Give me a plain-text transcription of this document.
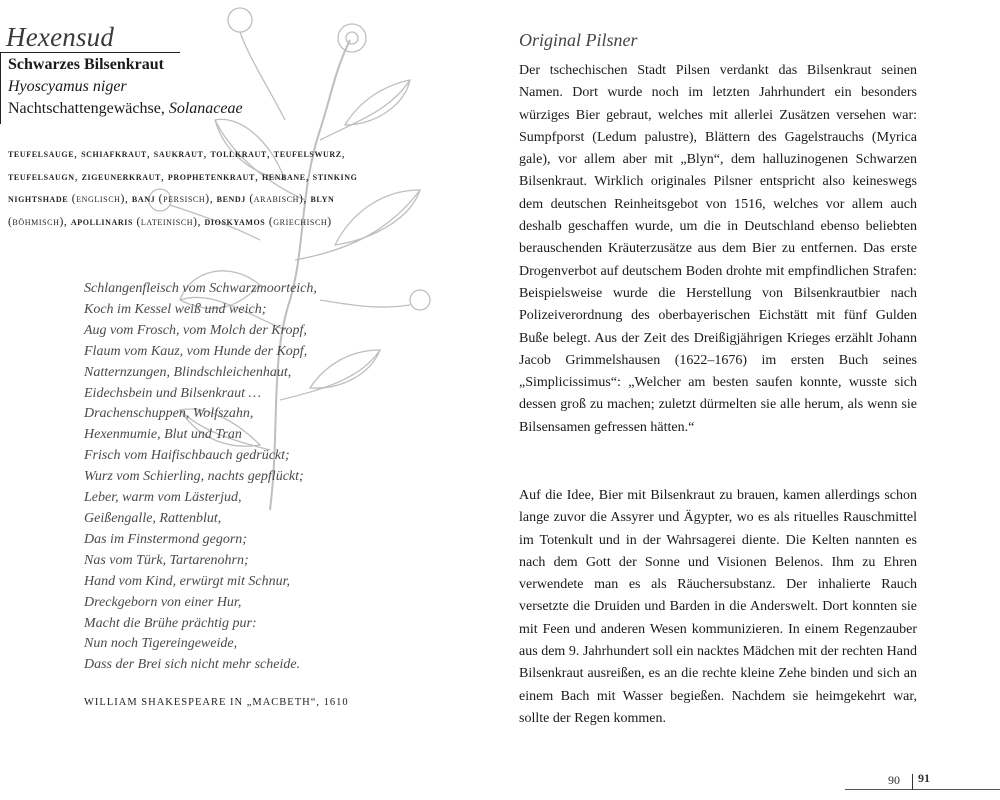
Hexensud
Schwarzes Bilsenkraut
Hyoscyamus niger
Nachtschattengewächse, Solanaceae
teufelsauge, schiafkraut, saukraut, tollkraut, teufelswurz, teufelsaugn, zigeunerkraut, prophetenkraut, henbane, stinking nightshade (englisch), banj (persisch), bendj (arabisch), blyn (böhmisch), apollinaris (lateinisch), dioskyamos (griechisch)
Schlangenfleisch vom Schwarzmoorteich,
Koch im Kessel weiß und weich;
Aug vom Frosch, vom Molch der Kropf,
Flaum vom Kauz, vom Hunde der Kopf,
Natternzungen, Blindschleichenhaut,
Eidechsbein und Bilsenkraut …
Drachenschuppen, Wolfszahn,
Hexenmumie, Blut und Tran
Frisch vom Haifischbauch gedrückt;
Wurz vom Schierling, nachts gepflückt;
Leber, warm vom Lästerjud,
Geißengalle, Rattenblut,
Das im Finstermond gegorn;
Nas vom Türk, Tartarenohrn;
Hand vom Kind, erwürgt mit Schnur,
Dreckgeborn von einer Hur,
Macht die Brühe prächtig pur:
Nun noch Tigereingeweide,
Dass der Brei sich nicht mehr scheide.
WILLIAM SHAKESPEARE IN „MACBETH“, 1610
Original Pilsner
Der tschechischen Stadt Pilsen verdankt das Bilsenkraut seinen Namen. Dort wurde noch im letzten Jahrhundert ein besonders würziges Bier gebraut, welches mit allerlei Zusätzen versehen war: Sumpfporst (Ledum palustre), Blättern des Gagelstrauchs (Myrica gale), vor allem aber mit „Blyn“, dem halluzinogenen Schwarzen Bilsenkraut. Wirklich originales Pilsner entspricht also keineswegs dem deutschen Reinheitsgebot von 1516, welches vor allem auch deshalb geschaffen wurde, um die in Deutschland ebenso beliebten berauschenden Kräuterzusätze aus dem Bier zu entfernen. Das erste Drogenverbot auf deutschem Boden drohte mit empfindlichen Strafen: Beispielsweise wurde die Herstellung von Bilsenkrautbier nach Polizeiverordnung des oberbayerischen Eichstätt mit fünf Gulden Buße belegt. Aus der Zeit des Dreißigjährigen Krieges erzählt Johann Jacob Grimmelshausen (1622–1676) im ersten Buch seines „Simplicissimus“: „Welcher am besten saufen konnte, wusste sich dessen groß zu machen; zuletzt dürmelten sie alle herum, als wenn sie Bilsensamen gefressen hätten.“
Auf die Idee, Bier mit Bilsenkraut zu brauen, kamen allerdings schon lange zuvor die Assyrer und Ägypter, wo es als rituelles Rauschmittel im Totenkult und in der Wahrsagerei diente. Die Kelten nannten es nach dem Gott der Sonne und Visionen Belenos. Ihm zu Ehren verwendete man es als Räuchersubstanz. Der inhalierte Rauch versetzte die Druiden und Barden in die Anderswelt. Dort konnten sie mit Feen und anderen Wesen kommunizieren. In einem Regenzauber aus dem 9. Jahrhundert soll ein nacktes Mädchen mit der rechten Hand Bilsenkraut ausreißen, es an die rechte kleine Zehe binden und sich an einem Bach mit Wasser begießen. Nachdem sie heimgekehrt war, sollte der Regen kommen.
90 91
